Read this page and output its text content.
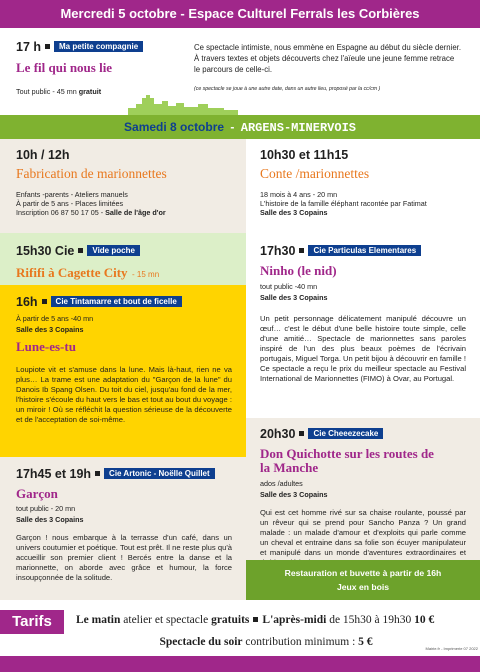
Mercredi 5 octobre - Espace Culturel Ferrals les Corbières
17 h Ma petite compagnie
Le fil qui nous lie
Tout public - 45 mn gratuit
Ce spectacle intimiste, nous emmène en Espagne au début du siècle dernier. À travers textes et objets découverts chez l'aïeule une jeune femme retrace le parcours de celle-ci.
(ce spectacle se joue à une autre date, dans un autre lieu, proposé par la cc/cm )
Samedi 8 octobre - ARGENS-MINERVOIS
10h / 12h
Fabrication de marionnettes
Enfants -parents - Ateliers manuels
À partir de 5 ans - Places limitées
Inscription 06 87 50 17 05 - Salle de l'âge d'or
10h30 et 11h15
Conte /marionnettes
18 mois à 4 ans - 20 mn
L'histoire de la famille éléphant racontée par Fatimat
Salle des 3 Copains
15h30 Cie Vide poche
Rififi à Cagette City - 15 mn
16h Cie Tintamarre et bout de ficelle
À partir de 5 ans -40 mn
Salle des 3 Copains
Lune-es-tu
Loupiote vit et s'amuse dans la lune. Mais là-haut, rien ne va plus… La trame est une adaptation du "Garçon de la lune" du Danois Ib Spang Olsen. Du toit du ciel, jusqu'au fond de la mer, l'histoire s'écoule du haut vers le bas et tout au bout du voyage : un miroir ! Où se réfléchit la question sérieuse de la découverte et de l'acceptation de soi-même.
17h45 et 19h Cie Artonic - Noëlle Quillet
Garçon
tout public - 20 mn
Salle des 3 Copains
Garçon ! nous embarque à la terrasse d'un café, dans un univers coutumier et poétique. Tout est prêt. Il ne reste plus qu'à accueillir son premier client ! Bercés entre la danse et la marionnette, on aborde avec grâce et humour, la force insoupçonnée de la solitude.
17h30 Cie Particulas Elementares
Ninho (le nid)
tout public -40 mn
Salle des 3 Copains
Un petit personnage délicatement manipulé découvre un œuf… c'est le début d'une belle histoire toute simple, celle d'une amitié… Spectacle de marionnettes sans paroles inspiré de l'un des plus beaux poèmes de l'écrivain portugais, Miguel Torga. Un petit bijou à découvrir en famille ! Ce spectacle a reçu le prix du meilleur spectacle au Festival International de Marionnettes (FIMO) à Ovar, au Portugal.
20h30 Cie Cheeezecake
Don Quichotte sur les routes de la Manche
ados /adultes
Salle des 3 Copains
Qui est cet homme rivé sur sa chaise roulante, poussé par un rêveur qui se prend pour Sancho Panza ? Un grand malade : un malade d'amour et d'exploits qui parle comme un cheval et entraine dans sa folie son écuyer manipulateur et manipulé dans un monde d'aventures extraordinaires et
Restauration et buvette à partir de 16h
Jeux en bois
Tarifs	Le matin atelier et spectacle gratuits L'après-midi de 15h30 à 19h30 10 €
Spectacle du soir contribution minimum : 5 €
Mairie.fr - Imprimerie 07 2022
